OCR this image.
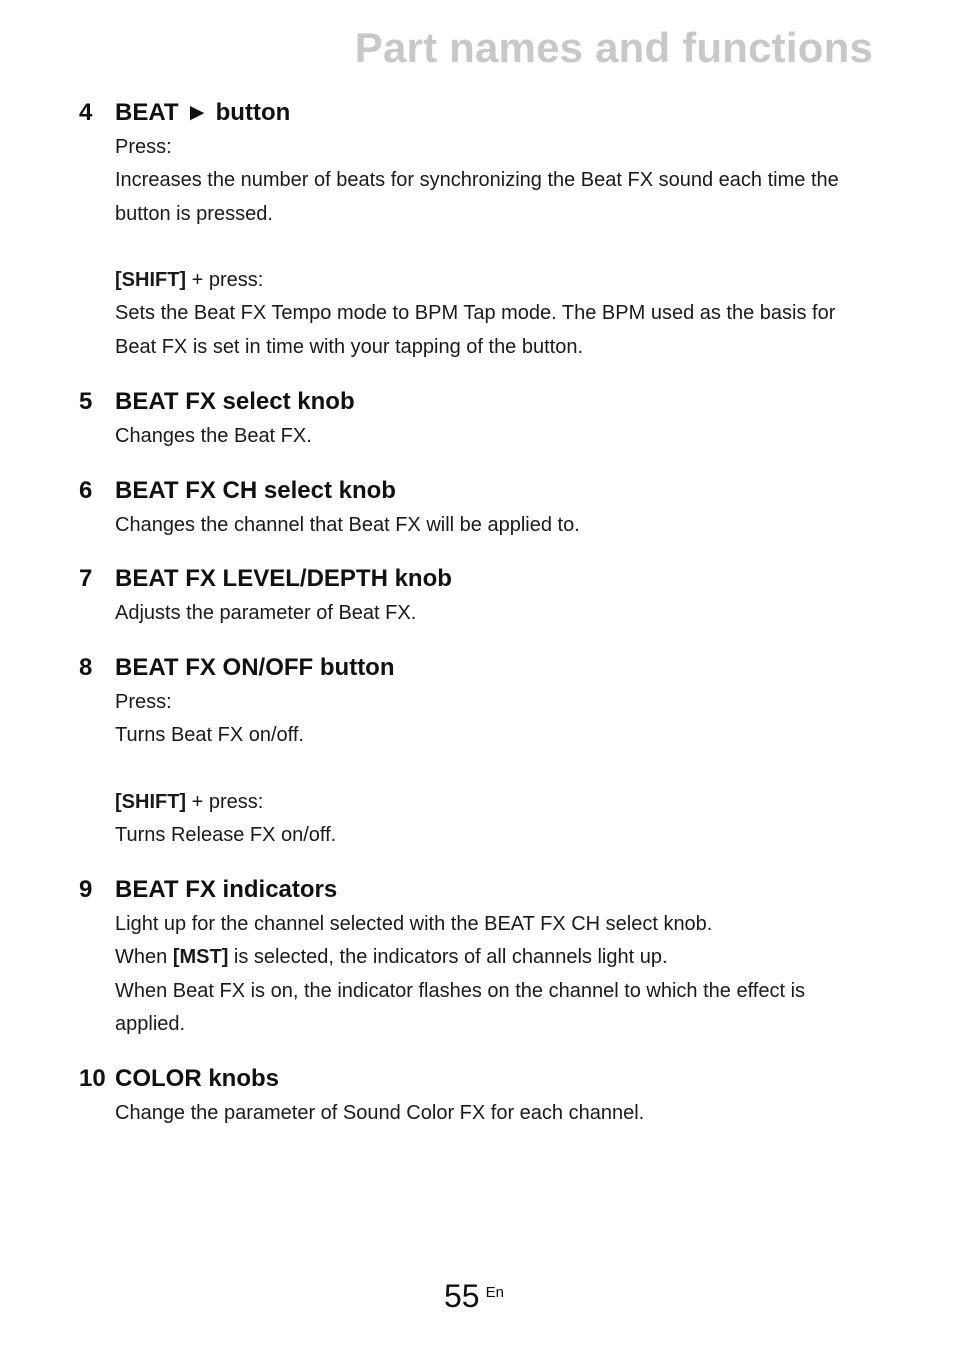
Part names and functions
4 BEAT ► button

Press:

Increases the number of beats for synchronizing the Beat FX sound each time the button is pressed.

[SHIFT] + press:

Sets the Beat FX Tempo mode to BPM Tap mode. The BPM used as the basis for Beat FX is set in time with your tapping of the button.

5 BEAT FX select knob

Changes the Beat FX.

6 BEAT FX CH select knob

Changes the channel that Beat FX will be applied to.

7 BEAT FX LEVEL/DEPTH knob

Adjusts the parameter of Beat FX.

8 BEAT FX ON/OFF button

Press:

Turns Beat FX on/off.

[SHIFT] + press:

Turns Release FX on/off.

9 BEAT FX indicators

Light up for the channel selected with the BEAT FX CH select knob.

When [MST] is selected, the indicators of all channels light up.

When Beat FX is on, the indicator flashes on the channel to which the effect is applied.

10 COLOR knobs

Change the parameter of Sound Color FX for each channel.

55 En
